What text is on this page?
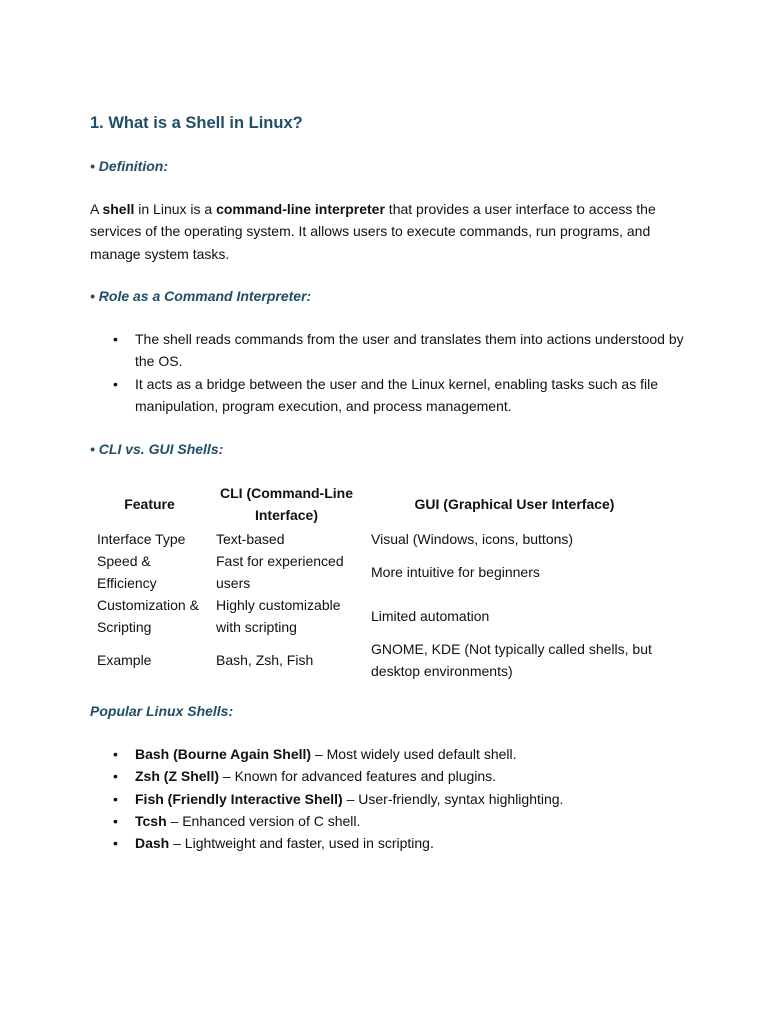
1. What is a Shell in Linux?

• Definition:

A shell in Linux is a command-line interpreter that provides a user interface to access the services of the operating system. It allows users to execute commands, run programs, and manage system tasks.

• Role as a Command Interpreter:

• The shell reads commands from the user and translates them into actions understood by the OS.
• It acts as a bridge between the user and the Linux kernel, enabling tasks such as file manipulation, program execution, and process management.

• CLI vs. GUI Shells:

Feature	CLI (Command-Line Interface)	GUI (Graphical User Interface)
Interface Type	Text-based	Visual (Windows, icons, buttons)
Speed & Efficiency	Fast for experienced users	More intuitive for beginners
Customization & Scripting	Highly customizable with scripting	Limited automation
Example	Bash, Zsh, Fish	GNOME, KDE (Not typically called shells, but desktop environments)

Popular Linux Shells:

• Bash (Bourne Again Shell) – Most widely used default shell.
• Zsh (Z Shell) – Known for advanced features and plugins.
• Fish (Friendly Interactive Shell) – User-friendly, syntax highlighting.
• Tcsh – Enhanced version of C shell.
• Dash – Lightweight and faster, used in scripting.
